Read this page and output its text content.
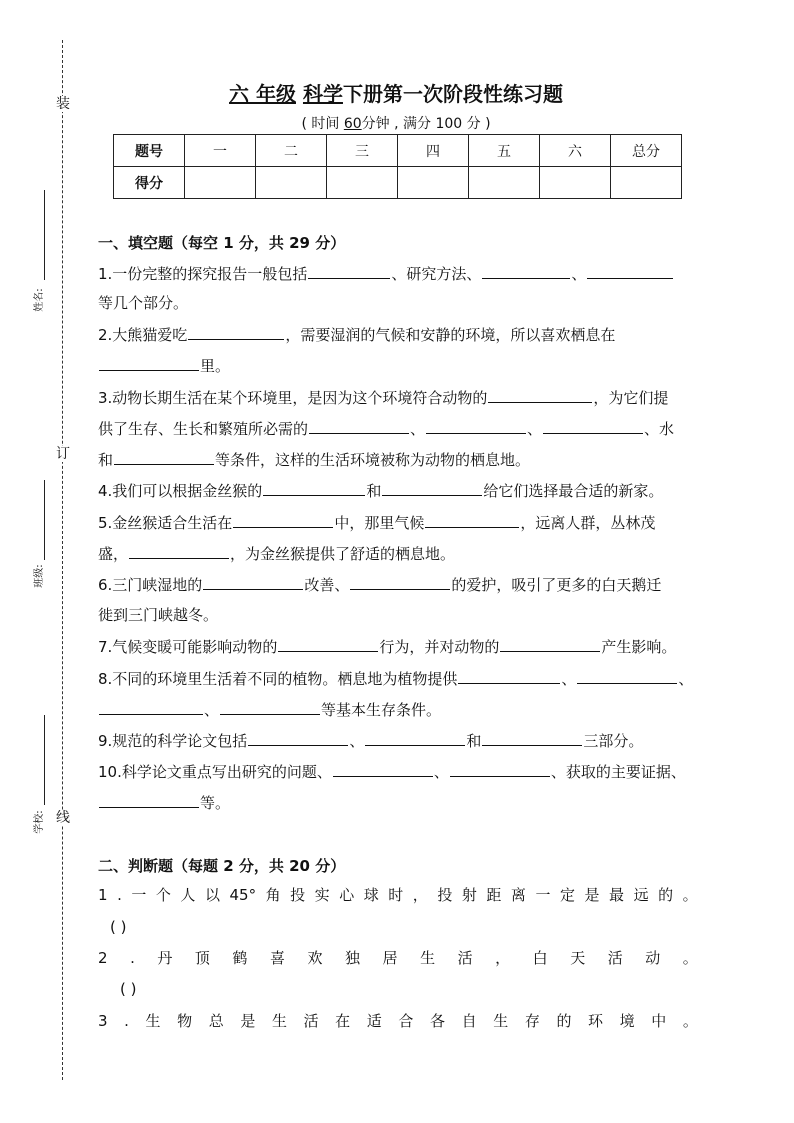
装
订
线
姓名:
班级:
学校:
六 年级 科学下册第一次阶段性练习题
( 时间 60分钟 , 满分 100 分 )
题号	一	二	三	四	五	六	总分
得分							
一、填空题（每空 1 分，共 29 分）
1.一份完整的探究报告一般包括	、研究方法、	、
等几个部分。
2.大熊猫爱吃	，需要湿润的气候和安静的环境，所以喜欢栖息在
里。
3.动物长期生活在某个环境里，是因为这个环境符合动物的	，为它们提
供了生存、生长和繁殖所必需的	、	、	、水
和	等条件，这样的生活环境被称为动物的栖息地。
4.我们可以根据金丝猴的	和	给它们选择最合适的新家。
5.金丝猴适合生活在	中，那里气候	，远离人群，丛林茂
盛，	，为金丝猴提供了舒适的栖息地。
6.三门峡湿地的	改善、	的爱护，吸引了更多的白天鹅迁
徙到三门峡越冬。
7.气候变暖可能影响动物的	行为，并对动物的	产生影响。
8.不同的环境里生活着不同的植物。栖息地为植物提供	、	、
、	等基本生存条件。
9.规范的科学论文包括	、	和	三部分。
10.科学论文重点写出研究的问题、	、	、获取的主要证据、
等。
二、判断题（每题 2 分，共 20 分）
1 . 一 个 人 以 45° 角 投 实 心 球 时 ， 投 射 距 离 一 定 是 最 远 的 。
( )
2 . 丹 顶 鹤 喜 欢 独 居 生 活 ， 白 天 活 动 。
( )
3 . 生 物 总 是 生 活 在 适 合 各 自 生 存 的 环 境 中 。
